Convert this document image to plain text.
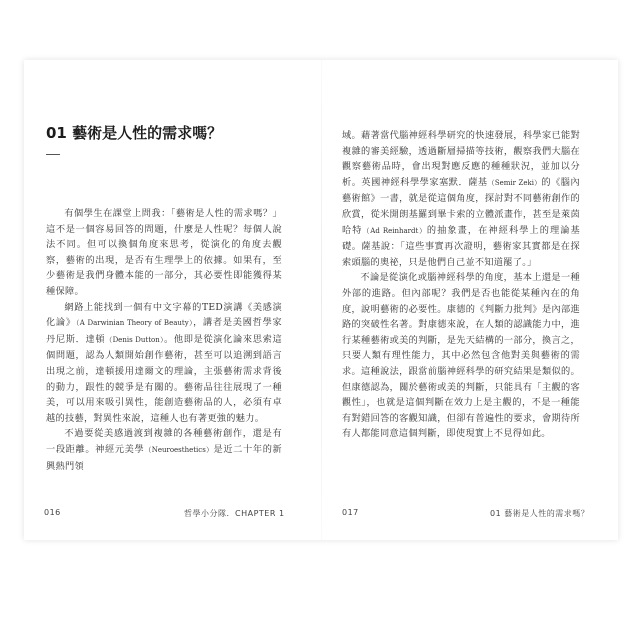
01 藝術是人性的需求嗎？

有個學生在課堂上問我：「藝術是人性的需求嗎？」這不是一個容易回答的問題，什麼是人性呢？每個人說法不同。但可以換個角度來思考，從演化的角度去觀察，藝術的出現，是否有生理學上的依據。如果有，至少藝術是我們身體本能的一部分，其必要性即能獲得某種保障。

網路上能找到一個有中文字幕的TED演講《美感演化論》（A Darwinian Theory of Beauty），講者是美國哲學家丹尼斯．達頓（Denis Dutton）。他即是從演化論來思索這個問題，認為人類開始創作藝術，甚至可以追溯到語言出現之前，達頓援用達爾文的理論，主張藝術需求背後的動力，跟性的競爭是有關的。藝術品往往展現了一種美，可以用來吸引異性，能創造藝術品的人，必須有卓越的技藝，對異性來說，這種人也有著更強的魅力。

不過要從美感過渡到複雜的各種藝術創作，還是有一段距離。神經元美學（Neuroesthetics）是近二十年的新興熱門領

016	哲學小分隊．CHAPTER 1

域。藉著當代腦神經科學研究的快速發展，科學家已能對複雜的審美經驗，透過斷層掃描等技術，觀察我們大腦在觀察藝術品時，會出現對應反應的種種狀況，並加以分析。英國神經科學學家塞默．薩基（Semir Zeki）的《腦內藝術館》一書，就是從這個角度，探討對不同藝術創作的欣賞，從米開朗基羅到畢卡索的立體派畫作，甚至是萊茵哈特（Ad Reinhardt）的抽象畫，在神經科學上的理論基礎。薩基說：「這些事實再次證明，藝術家其實都是在探索頭腦的奧祕，只是他們自己並不知道罷了。」

不論是從演化或腦神經科學的角度，基本上還是一種外部的進路。但內部呢？我們是否也能從某種內在的角度，說明藝術的必要性。康德的《判斷力批判》是內部進路的突破性名著。對康德來說，在人類的認識能力中，進行某種藝術或美的判斷，是先天結構的一部分，換言之，只要人類有理性能力，其中必然包含他對美與藝術的需求。這種說法，跟當前腦神經科學的研究結果是類似的。但康德認為，關於藝術或美的判斷，只能具有「主觀的客觀性」，也就是這個判斷在效力上是主觀的，不是一種能有對錯回答的客觀知識，但卻有普遍性的要求，會期待所有人都能同意這個判斷，即使現實上不見得如此。

017	01 藝術是人性的需求嗎？
